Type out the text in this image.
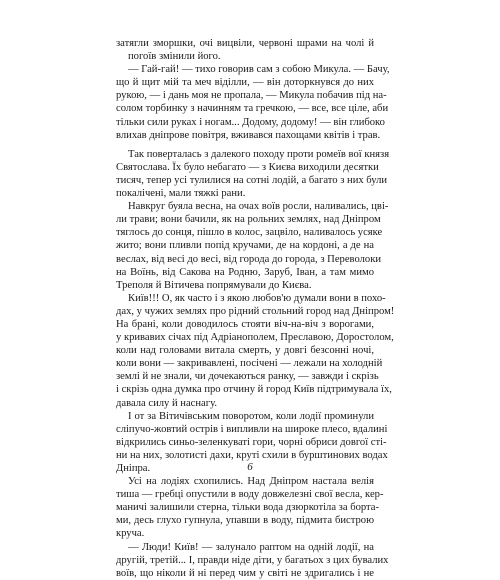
затягли зморшки, очі вицвіли, червоні шрами на чолі й
погоїв змінили його.
— Гай-гай! — тихо говорив сам з собою Микула. — Бачу,
що й щит мій та меч віділли, — він доторкнувся до них
рукою, — і дань моя не пропала, — Микула побачив під на-
солом торбинку з начинням та гречкою, — все, все ціле, аби
тільки сили руках і ногам... Додому, додому! — він глибоко
влихав дніпрове повітря, вживався пахощами квітів і трав.
Так поверталась з далекого походу проти ромеїв вої князя
Святослава. Їх було небагато — з Києва виходили десятки
тисяч, тепер усі тулилися на сотні лодій, а багато з них були
покалічені, мали тяжкі рани.
Навкруг буяла весна, на очах воїв росли, наливались, цві-
ли трави; вони бачили, як на рольних землях, над Дніпром
тяглось до сонця, пішло в колос, зацвіло, наливалось усяке
жито; вони пливли попід кручами, де на кордоні, а де на
веслах, від весі до весі, від города до города, з Переволоки
на Воїнь, від Сакова на Родню, Заруб, Іван, а там мимо
Треполя й Вітичева попрямували до Києва.
Київ!!! О, як часто і з якою любов'ю думали вони в похо-
дах, у чужих землях про рідний стольний город над Дніпром!
На бранi, коли доводилось стояти віч-на-віч з ворогами,
у кривавих січах під Адріанополем, Преславою, Доростолом,
коли над головами витала смерть, у довгі безсонні ночі,
коли вони — закривавлені, посічені — лежали на холодній
землі й не знали, чи дочекаються ранку, — завжди і скрізь
і скрізь одна думка про отчину й город Київ підтримувала їх,
давала силу й наснагу.
І от за Вітичівським поворотом, коли лодії проминули
сліпучо-жовтий острів і випливли на широке плесо, вдалині
відкрились синьо-зеленкуваті гори, чорні обриси довгої сті-
ни на них, золотисті дахи, круті схили в бурштинових водах
Дніпра.
Усі на лодіях схопились. Над Дніпром настала велія
тиша — гребці опустили в воду довжелезні свої весла, кер-
маничі залишили стерна, тільки вода дзюркотіла за борта-
ми, десь глухо гупнула, упавши в воду, підмита бистрою
круча.
— Люди! Київ! — залунало раптом на одній лодії, на
другій, третій... І, правди ніде діти, у багатьох з цих бувалих
воїв, що ніколи й ні перед чим у світі не здригались і не
6
